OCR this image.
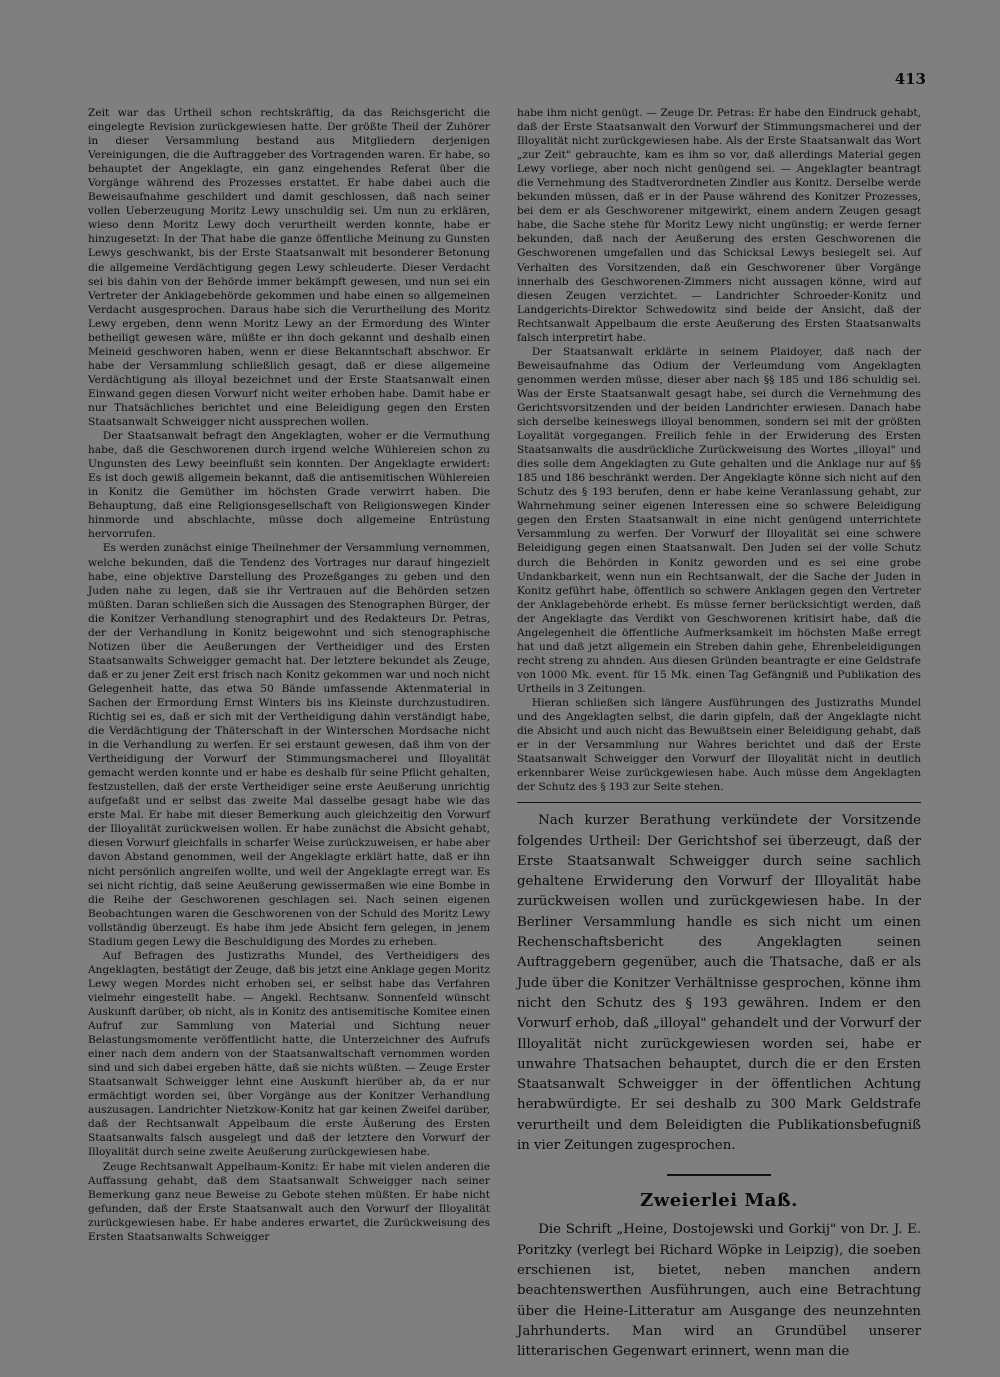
413

Zeit war das Urtheil schon rechtskräftig, da das Reichsgericht die eingelegte Revision zurückgewiesen hatte. Der größte Theil der Zuhörer in dieser Versammlung bestand aus Mitgliedern derjenigen Vereinigungen, die die Auftraggeber des Vortragenden waren. Er habe, so behauptet der Angeklagte, ein ganz eingehendes Referat über die Vorgänge während des Prozesses erstattet. Er habe dabei auch die Beweisaufnahme geschildert und damit geschlossen, daß nach seiner vollen Ueberzeugung Moritz Lewy unschuldig sei. Um nun zu erklären, wieso denn Moritz Lewy doch verurtheilt werden konnte, habe er hinzugesetzt: In der That habe die ganze öffentliche Meinung zu Gunsten Lewys geschwankt, bis der Erste Staatsanwalt mit besonderer Betonung die allgemeine Verdächtigung gegen Lewy schleuderte. Dieser Verdacht sei bis dahin von der Behörde immer bekämpft gewesen, und nun sei ein Vertreter der Anklagebehörde gekommen und habe einen so allgemeinen Verdacht ausgesprochen. Daraus habe sich die Verurtheilung des Moritz Lewy ergeben, denn wenn Moritz Lewy an der Ermordung des Winter betheiligt gewesen wäre, müßte er ihn doch gekannt und deshalb einen Meineid geschworen haben, wenn er diese Bekanntschaft abschwor. Er habe der Versammlung schließlich gesagt, daß er diese allgemeine Verdächtigung als illoyal bezeichnet und der Erste Staatsanwalt einen Einwand gegen diesen Vorwurf nicht weiter erhoben habe. Damit habe er nur Thatsächliches berichtet und eine Beleidigung gegen den Ersten Staatsanwalt Schweigger nicht aussprechen wollen.

Der Staatsanwalt befragt den Angeklagten, woher er die Vermuthung habe, daß die Geschworenen durch irgend welche Wühlereien schon zu Ungunsten des Lewy beeinflußt sein konnten. Der Angeklagte erwidert: Es ist doch gewiß allgemein bekannt, daß die antisemitischen Wühlereien in Konitz die Gemüther im höchsten Grade verwirrt haben. Die Behauptung, daß eine Religionsgesellschaft von Religionswegen Kinder hinmorde und abschlachte, müsse doch allgemeine Entrüstung hervorrufen.

Es werden zunächst einige Theilnehmer der Versammlung vernommen, welche bekunden, daß die Tendenz des Vortrages nur darauf hingezielt habe, eine objektive Darstellung des Prozeßganges zu geben und den Juden nahe zu legen, daß sie ihr Vertrauen auf die Behörden setzen müßten. Daran schließen sich die Aussagen des Stenographen Bürger, der die Konitzer Verhandlung stenographirt und des Redakteurs Dr. Petras, der der Verhandlung in Konitz beigewohnt und sich stenographische Notizen über die Aeußerungen der Vertheidiger und des Ersten Staatsanwalts Schweigger gemacht hat. Der letztere bekundet als Zeuge, daß er zu jener Zeit erst frisch nach Konitz gekommen war und noch nicht Gelegenheit hatte, das etwa 50 Bände umfassende Aktenmaterial in Sachen der Ermordung Ernst Winters bis ins Kleinste durchzustudiren. Richtig sei es, daß er sich mit der Vertheidigung dahin verständigt habe, die Verdächtigung der Thäterschaft in der Winterschen Mordsache nicht in die Verhandlung zu werfen. Er sei erstaunt gewesen, daß ihm von der Vertheidigung der Vorwurf der Stimmungsmacherei und Illoyalität gemacht werden konnte und er habe es deshalb für seine Pflicht gehalten, festzustellen, daß der erste Vertheidiger seine erste Aeußerung unrichtig aufgefaßt und er selbst das zweite Mal dasselbe gesagt habe wie das erste Mal. Er habe mit dieser Bemerkung auch gleichzeitig den Vorwurf der Illoyalität zurückweisen wollen. Er habe zunächst die Absicht gehabt, diesen Vorwurf gleichfalls in scharfer Weise zurückzuweisen, er habe aber davon Abstand genommen, weil der Angeklagte erklärt hatte, daß er ihn nicht persönlich angreifen wollte, und weil der Angeklagte erregt war. Es sei nicht richtig, daß seine Aeußerung gewissermaßen wie eine Bombe in die Reihe der Geschworenen geschlagen sei. Nach seinen eigenen Beobachtungen waren die Geschworenen von der Schuld des Moritz Lewy vollständig überzeugt. Es habe ihm jede Absicht fern gelegen, in jenem Stadium gegen Lewy die Beschuldigung des Mordes zu erheben.

Auf Befragen des Justizraths Mundel, des Vertheidigers des Angeklagten, bestätigt der Zeuge, daß bis jetzt eine Anklage gegen Moritz Lewy wegen Mordes nicht erhoben sei, er selbst habe das Verfahren vielmehr eingestellt habe. — Angekl. Rechtsanw. Sonnenfeld wünscht Auskunft darüber, ob nicht, als in Konitz des antisemitische Komitee einen Aufruf zur Sammlung von Material und Sichtung neuer Belastungsmomente veröffentlicht hatte, die Unterzeichner des Aufrufs einer nach dem andern von der Staatsanwaltschaft vernommen worden sind und sich dabei ergeben hätte, daß sie nichts wüßten. — Zeuge Erster Staatsanwalt Schweigger lehnt eine Auskunft hierüber ab, da er nur ermächtigt worden sei, über Vorgänge aus der Konitzer Verhandlung auszusagen. Landrichter Nietzkow-Konitz hat gar keinen Zweifel darüber, daß der Rechtsanwalt Appelbaum die erste Äußerung des Ersten Staatsanwalts falsch ausgelegt und daß der letztere den Vorwurf der Illoyalität durch seine zweite Aeußerung zurückgewiesen habe.

Zeuge Rechtsanwalt Appelbaum-Konitz: Er habe mit vielen anderen die Auffassung gehabt, daß dem Staatsanwalt Schweigger nach seiner Bemerkung ganz neue Beweise zu Gebote stehen müßten. Er habe nicht gefunden, daß der Erste Staatsanwalt auch den Vorwurf der Illoyalität zurückgewiesen habe. Er habe anderes erwartet, die Zurückweisung des Ersten Staatsanwalts Schweigger

habe ihm nicht genügt. — Zeuge Dr. Petras: Er habe den Eindruck gehabt, daß der Erste Staatsanwalt den Vorwurf der Stimmungsmacherei und der Illoyalität nicht zurückgewiesen habe. Als der Erste Staatsanwalt das Wort „zur Zeit" gebrauchte, kam es ihm so vor, daß allerdings Material gegen Lewy vorliege, aber noch nicht genügend sei. — Angeklagter beantragt die Vernehmung des Stadtverordneten Zindler aus Konitz. Derselbe werde bekunden müssen, daß er in der Pause während des Konitzer Prozesses, bei dem er als Geschworener mitgewirkt, einem andern Zeugen gesagt habe, die Sache stehe für Moritz Lewy nicht ungünstig; er werde ferner bekunden, daß nach der Aeußerung des ersten Geschworenen die Geschworenen umgefallen und das Schicksal Lewys besiegelt sei. Auf Verhalten des Vorsitzenden, daß ein Geschworener über Vorgänge innerhalb des Geschworenen-Zimmers nicht aussagen könne, wird auf diesen Zeugen verzichtet. — Landrichter Schroeder-Konitz und Landgerichts-Direktor Schwedowitz sind beide der Ansicht, daß der Rechtsanwalt Appelbaum die erste Aeußerung des Ersten Staatsanwalts falsch interpretirt habe.

Der Staatsanwalt erklärte in seinem Plaidoyer, daß nach der Beweisaufnahme das Odium der Verleumdung vom Angeklagten genommen werden müsse, dieser aber nach §§ 185 und 186 schuldig sei. Was der Erste Staatsanwalt gesagt habe, sei durch die Vernehmung des Gerichtsvorsitzenden und der beiden Landrichter erwiesen. Danach habe sich derselbe keineswegs illoyal benommen, sondern sei mit der größten Loyalität vorgegangen. Freilich fehle in der Erwiderung des Ersten Staatsanwalts die ausdrückliche Zurückweisung des Wortes „illoyal" und dies solle dem Angeklagten zu Gute gehalten und die Anklage nur auf §§ 185 und 186 beschränkt werden. Der Angeklagte könne sich nicht auf den Schutz des § 193 berufen, denn er habe keine Veranlassung gehabt, zur Wahrnehmung seiner eigenen Interessen eine so schwere Beleidigung gegen den Ersten Staatsanwalt in eine nicht genügend unterrichtete Versammlung zu werfen. Der Vorwurf der Illoyalität sei eine schwere Beleidigung gegen einen Staatsanwalt. Den Juden sei der volle Schutz durch die Behörden in Konitz geworden und es sei eine grobe Undankbarkeit, wenn nun ein Rechtsanwalt, der die Sache der Juden in Konitz geführt habe, öffentlich so schwere Anklagen gegen den Vertreter der Anklagebehörde erhebt. Es müsse ferner berücksichtigt werden, daß der Angeklagte das Verdikt von Geschworenen kritisirt habe, daß die Angelegenheit die öffentliche Aufmerksamkeit im höchsten Maße erregt hat und daß jetzt allgemein ein Streben dahin gehe, Ehrenbeleidigungen recht streng zu ahnden. Aus diesen Gründen beantragte er eine Geldstrafe von 1000 Mk. event. für 15 Mk. einen Tag Gefängniß und Publikation des Urtheils in 3 Zeitungen.

Hieran schließen sich längere Ausführungen des Justizraths Mundel und des Angeklagten selbst, die darin gipfeln, daß der Angeklagte nicht die Absicht und auch nicht das Bewußtsein einer Beleidigung gehabt, daß er in der Versammlung nur Wahres berichtet und daß der Erste Staatsanwalt Schweigger den Vorwurf der Illoyalität nicht in deutlich erkennbarer Weise zurückgewiesen habe. Auch müsse dem Angeklagten der Schutz des § 193 zur Seite stehen.

Nach kurzer Berathung verkündete der Vorsitzende folgendes Urtheil: Der Gerichtshof sei überzeugt, daß der Erste Staatsanwalt Schweigger durch seine sachlich gehaltene Erwiderung den Vorwurf der Illoyalität habe zurückweisen wollen und zurückgewiesen habe. In der Berliner Versammlung handle es sich nicht um einen Rechenschaftsbericht des Angeklagten seinen Auftraggebern gegenüber, auch die Thatsache, daß er als Jude über die Konitzer Verhältnisse gesprochen, könne ihm nicht den Schutz des § 193 gewähren. Indem er den Vorwurf erhob, daß „illoyal" gehandelt und der Vorwurf der Illoyalität nicht zurückgewiesen worden sei, habe er unwahre Thatsachen behauptet, durch die er den Ersten Staatsanwalt Schweigger in der öffentlichen Achtung herabwürdigte. Er sei deshalb zu 300 Mark Geldstrafe verurtheilt und dem Beleidigten die Publikationsbefugniß in vier Zeitungen zugesprochen.

Zweierlei Maß.

Die Schrift „Heine, Dostojewski und Gorkij" von Dr. J. E. Poritzky (verlegt bei Richard Wöpke in Leipzig), die soeben erschienen ist, bietet, neben manchen andern beachtenswerthen Ausführungen, auch eine Betrachtung über die Heine-Litteratur am Ausgange des neunzehnten Jahrhunderts. Man wird an Grundübel unserer litterarischen Gegenwart erinnert, wenn man die
